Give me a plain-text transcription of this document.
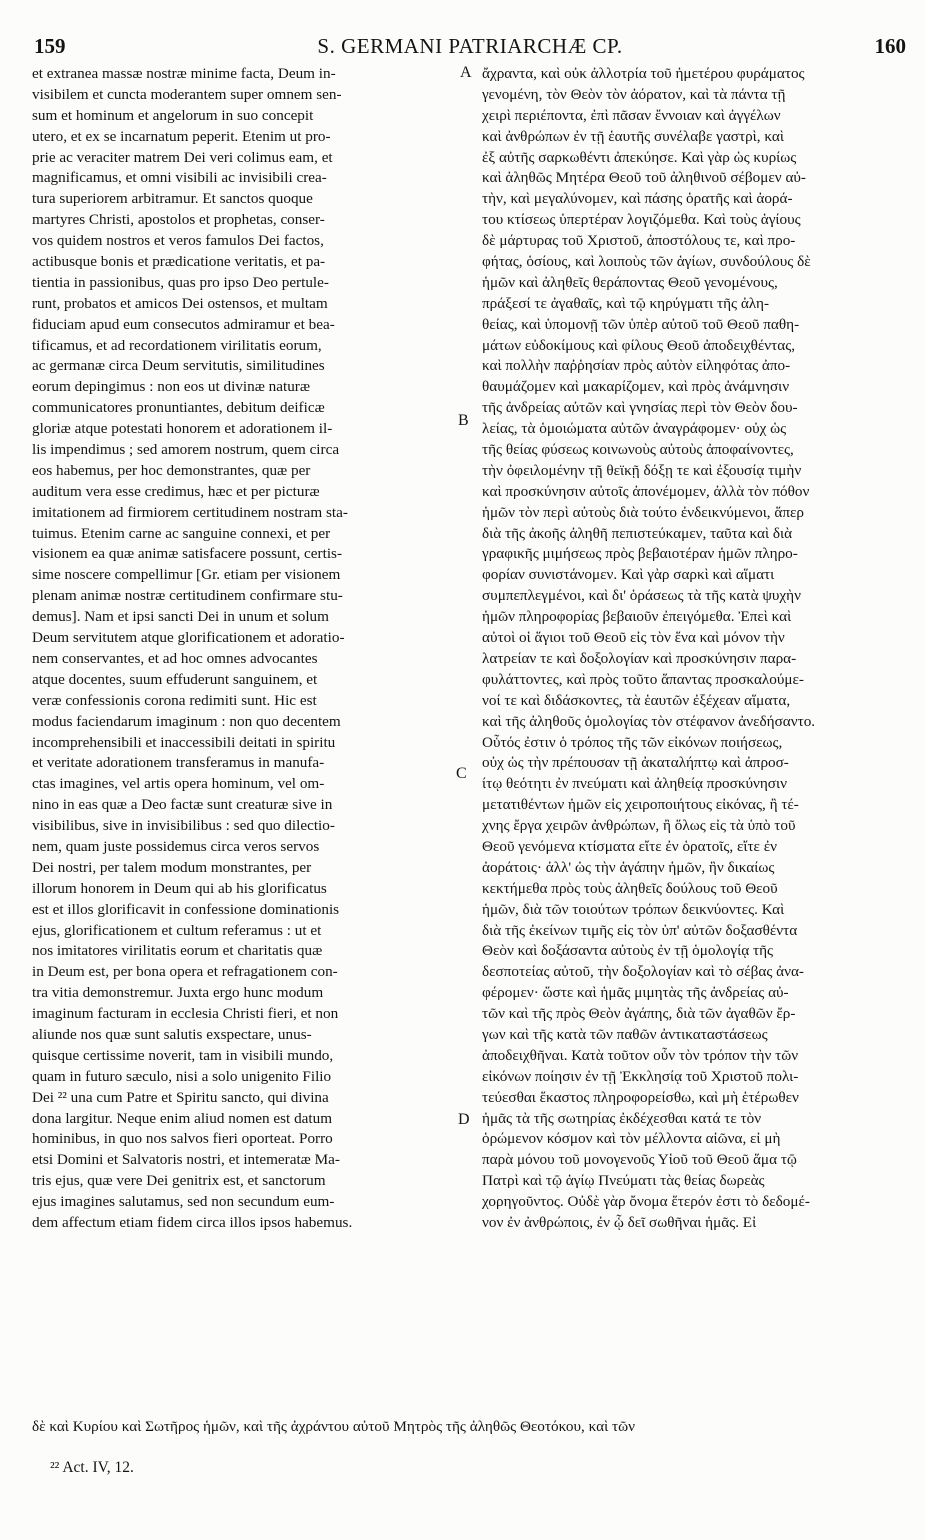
159	S. GERMANI PATRIARCHÆ CP.	160
et extranea massæ nostræ minime facta, Deum in-
visibilem et cuncta moderantem super omnem sen-
sum et hominum et angelorum in suo concepit
utero, et ex se incarnatum peperit. Etenim ut pro-
prie ac veraciter matrem Dei veri colimus eam, et
magnificamus, et omni visibili ac invisibili crea-
tura superiorem arbitramur. Et sanctos quoque
martyres Christi, apostolos et prophetas, conser-
vos quidem nostros et veros famulos Dei factos,
actibusque bonis et prædicatione veritatis, et pa-
tientia in passionibus, quas pro ipso Deo pertule-
runt, probatos et amicos Dei ostensos, et multam
fiduciam apud eum consecutos admiramur et bea-
tificamus, et ad recordationem virilitatis eorum,
ac germanæ circa Deum servitutis, similitudines
eorum depingimus : non eos ut divinæ naturæ
communicatores pronuntiantes, debitum deificæ
gloriæ atque potestati honorem et adorationem il-
lis impendimus ; sed amorem nostrum, quem circa
eos habemus, per hoc demonstrantes, quæ per
auditum vera esse credimus, hæc et per picturæ
imitationem ad firmiorem certitudinem nostram sta-
tuimus. Etenim carne ac sanguine connexi, et per
visionem ea quæ animæ satisfacere possunt, certis-
sime noscere compellimur [Gr. etiam per visionem
plenam animæ nostræ certitudinem confirmare stu-
demus]. Nam et ipsi sancti Dei in unum et solum
Deum servitutem atque glorificationem et adoratio-
nem conservantes, et ad hoc omnes advocantes
atque docentes, suum effuderunt sanguinem, et
veræ confessionis corona redimiti sunt. Hic est
modus faciendarum imaginum : non quo decentem
incomprehensibili et inaccessibili deitati in spiritu
et veritate adorationem transferamus in manufa-
ctas imagines, vel artis opera hominum, vel om-
nino in eas quæ a Deo factæ sunt creaturæ sive in
visibilibus, sive in invisibilibus : sed quo dilectio-
nem, quam juste possidemus circa veros servos
Dei nostri, per talem modum monstrantes, per
illorum honorem in Deum qui ab his glorificatus
est et illos glorificavit in confessione dominationis
ejus, glorificationem et cultum referamus : ut et
nos imitatores virilitatis eorum et charitatis quæ
in Deum est, per bona opera et refragationem con-
tra vitia demonstremur. Juxta ergo hunc modum
imaginum facturam in ecclesia Christi fieri, et non
aliunde nos quæ sunt salutis exspectare, unus-
quisque certissime noverit, tam in visibili mundo,
quam in futuro sæculo, nisi a solo unigenito Filio
Dei ²² una cum Patre et Spiritu sancto, qui divina
dona largitur. Neque enim aliud nomen est datum
hominibus, in quo nos salvos fieri oporteat. Porro
etsi Domini et Salvatoris nostri, et intemeratæ Ma-
tris ejus, quæ vere Dei genitrix est, et sanctorum
ejus imagines salutamus, sed non secundum eum-
dem affectum etiam fidem circa illos ipsos habemus.
ἄχραντα, καὶ οὐκ ἀλλοτρία τοῦ ἡμετέρου φυράματος
γενομένη, τὸν Θεὸν τὸν ἀόρατον, καὶ τὰ πάντα τῇ
χειρὶ περιέποντα, ἐπὶ πᾶσαν ἔννοιαν καὶ ἀγγέλων
καὶ ἀνθρώπων ἐν τῇ ἑαυτῆς συνέλαβε γαστρὶ, καὶ
ἐξ αὐτῆς σαρκωθέντι ἀπεκύησε. Καὶ γὰρ ὡς κυρίως
καὶ ἀληθῶς Μητέρα Θεοῦ τοῦ ἀληθινοῦ σέβομεν αὐ-
τὴν, καὶ μεγαλύνομεν, καὶ πάσης ὁρατῆς καὶ ἀορά-
του κτίσεως ὑπερτέραν λογιζόμεθα. Καὶ τοὺς ἁγίους
δὲ μάρτυρας τοῦ Χριστοῦ, ἀποστόλους τε, καὶ προ-
φήτας, ὁσίους, καὶ λοιποὺς τῶν ἁγίων, συνδούλους δὲ
ἡμῶν καὶ ἀληθεῖς θεράποντας Θεοῦ γενομένους,
πράξεσί τε ἀγαθαῖς, καὶ τῷ κηρύγματι τῆς ἀλη-
θείας, καὶ ὑπομονῇ τῶν ὑπὲρ αὐτοῦ τοῦ Θεοῦ παθη-
μάτων εὐδοκίμους καὶ φίλους Θεοῦ ἀποδειχθέντας,
καὶ πολλὴν παῤῥησίαν πρὸς αὐτὸν εἰληφότας ἀπο-
θαυμάζομεν καὶ μακαρίζομεν, καὶ πρὸς ἀνάμνησιν
τῆς ἀνδρείας αὐτῶν καὶ γνησίας περὶ τὸν Θεὸν δου-
λείας, τὰ ὁμοιώματα αὐτῶν ἀναγράφομεν· οὐχ ὡς
τῆς θείας φύσεως κοινωνοὺς αὐτοὺς ἀποφαίνοντες,
τὴν ὀφειλομένην τῇ θεϊκῇ δόξῃ τε καὶ ἐξουσίᾳ τιμὴν
καὶ προσκύνησιν αὐτοῖς ἀπονέμομεν, ἀλλὰ τὸν πόθον
ἡμῶν τὸν περὶ αὐτοὺς διὰ τούτο ἐνδεικνύμενοι, ἅπερ
διὰ τῆς ἀκοῆς ἀληθῆ πεπιστεύκαμεν, ταῦτα καὶ διὰ
γραφικῆς μιμήσεως πρὸς βεβαιοτέραν ἡμῶν πληρο-
φορίαν συνιστάνομεν. Καὶ γὰρ σαρκὶ καὶ αἵματι
συμπεπλεγμένοι, καὶ δι' ὁράσεως τὰ τῆς κατὰ ψυχὴν
ἡμῶν πληροφορίας βεβαιοῦν ἐπειγόμεθα. Ἐπεὶ καὶ
αὐτοὶ οἱ ἅγιοι τοῦ Θεοῦ εἰς τὸν ἕνα καὶ μόνον τὴν
λατρείαν τε καὶ δοξολογίαν καὶ προσκύνησιν παρα-
φυλάττοντες, καὶ πρὸς τοῦτο ἅπαντας προσκαλούμε-
νοί τε καὶ διδάσκοντες, τὰ ἑαυτῶν ἐξέχεαν αἵματα,
καὶ τῆς ἀληθοῦς ὁμολογίας τὸν στέφανον ἀνεδήσαντο.
Οὗτός ἐστιν ὁ τρόπος τῆς τῶν εἰκόνων ποιήσεως,
οὐχ ὡς τὴν πρέπουσαν τῇ ἀκαταλήπτῳ καὶ ἀπροσ-
ίτῳ θεότητι ἐν πνεύματι καὶ ἀληθείᾳ προσκύνησιν
μετατιθέντων ἡμῶν εἰς χειροποιήτους εἰκόνας, ἢ τέ-
χνης ἔργα χειρῶν ἀνθρώπων, ἢ ὅλως εἰς τὰ ὑπὸ τοῦ
Θεοῦ γενόμενα κτίσματα εἴτε ἐν ὁρατοῖς, εἴτε ἐν
ἀοράτοις· ἀλλ' ὡς τὴν ἀγάπην ἡμῶν, ἣν δικαίως
κεκτήμεθα πρὸς τοὺς ἀληθεῖς δούλους τοῦ Θεοῦ
ἡμῶν, διὰ τῶν τοιούτων τρόπων δεικνύοντες. Καὶ
διὰ τῆς ἐκείνων τιμῆς εἰς τὸν ὑπ' αὐτῶν δοξασθέντα
Θεὸν καὶ δοξάσαντα αὐτοὺς ἐν τῇ ὁμολογίᾳ τῆς
δεσποτείας αὐτοῦ, τὴν δοξολογίαν καὶ τὸ σέβας ἀνα-
φέρομεν· ὥστε καὶ ἡμᾶς μιμητὰς τῆς ἀνδρείας αὐ-
τῶν καὶ τῆς πρὸς Θεὸν ἀγάπης, διὰ τῶν ἀγαθῶν ἔρ-
γων καὶ τῆς κατὰ τῶν παθῶν ἀντικαταστάσεως
ἀποδειχθῆναι. Κατὰ τοῦτον οὖν τὸν τρόπον τὴν τῶν
εἰκόνων ποίησιν ἐν τῇ Ἐκκλησίᾳ τοῦ Χριστοῦ πολι-
τεύεσθαι ἕκαστος πληροφορείσθω, καὶ μὴ ἑτέρωθεν
ἡμᾶς τὰ τῆς σωτηρίας ἐκδέχεσθαι κατά τε τὸν
ὁρώμενον κόσμον καὶ τὸν μέλλοντα αἰῶνα, εἰ μὴ
παρὰ μόνου τοῦ μονογενοῦς Υἱοῦ τοῦ Θεοῦ ἅμα τῷ
Πατρὶ καὶ τῷ ἁγίῳ Πνεύματι τὰς θείας δωρεὰς
χορηγοῦντος. Οὐδὲ γὰρ ὄνομα ἕτερόν ἐστι τὸ δεδομέ-
νον ἐν ἀνθρώποις, ἐν ᾧ δεῖ σωθῆναι ἡμᾶς. Εἰ
A
B
C
D
δὲ καὶ Κυρίου καὶ Σωτῆρος ἡμῶν, καὶ τῆς ἀχράντου αὐτοῦ Μητρὸς τῆς ἀληθῶς Θεοτόκου, καὶ τῶν
²² Act. IV, 12.
